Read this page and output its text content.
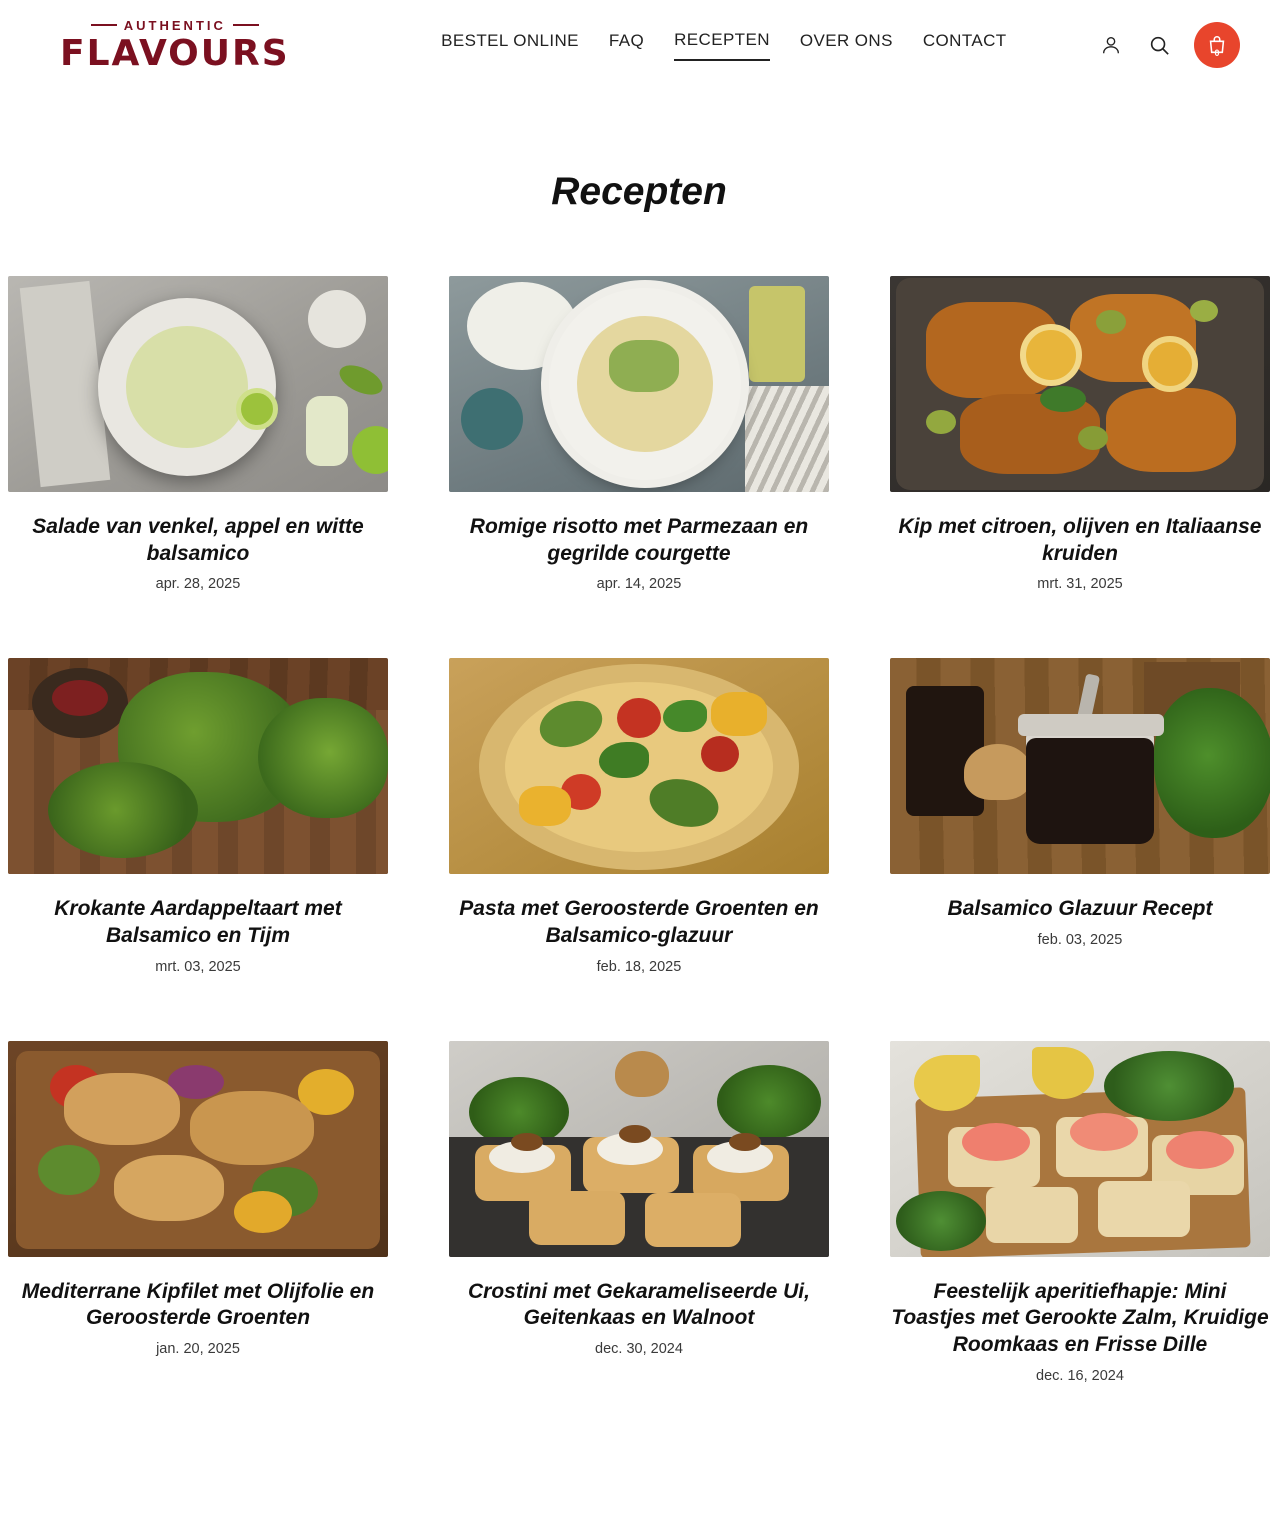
AUTHENTIC
FLAVOURS	BESTEL ONLINE FAQ RECEPTEN OVER ONS CONTACT
0
Recepten
Salade van venkel, appel en witte balsamico

apr. 28, 2025

Romige risotto met Parmezaan en gegrilde courgette

apr. 14, 2025

Kip met citroen, olijven en Italiaanse kruiden

mrt. 31, 2025

Krokante Aardappeltaart met Balsamico en Tijm

mrt. 03, 2025

Pasta met Geroosterde Groenten en Balsamico-glazuur

feb. 18, 2025

Balsamico Glazuur Recept

feb. 03, 2025

Mediterrane Kipfilet met Olijfolie en Geroosterde Groenten

jan. 20, 2025

Crostini met Gekarameliseerde Ui, Geitenkaas en Walnoot

dec. 30, 2024

Feestelijk aperitiefhapje: Mini Toastjes met Gerookte Zalm, Kruidige Roomkaas en Frisse Dille

dec. 16, 2024
